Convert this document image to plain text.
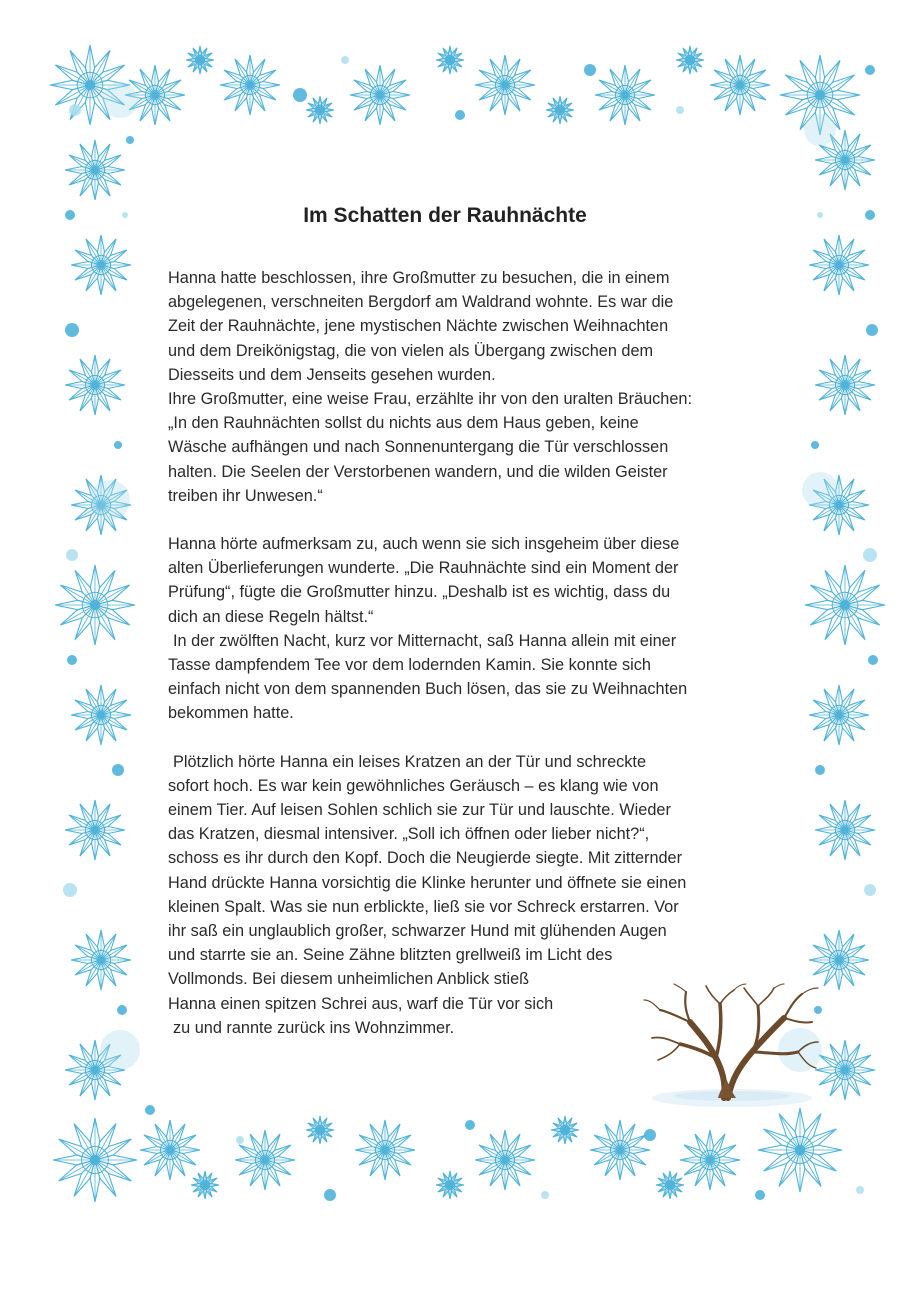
Im Schatten der Rauhnächte

Hanna hatte beschlossen, ihre Großmutter zu besuchen, die in einem

abgelegenen, verschneiten Bergdorf am Waldrand wohnte. Es war die

Zeit der Rauhnächte, jene mystischen Nächte zwischen Weihnachten

und dem Dreikönigstag, die von vielen als Übergang zwischen dem

Diesseits und dem Jenseits gesehen wurden.

Ihre Großmutter, eine weise Frau, erzählte ihr von den uralten Bräuchen:

„In den Rauhnächten sollst du nichts aus dem Haus geben, keine

Wäsche aufhängen und nach Sonnenuntergang die Tür verschlossen

halten. Die Seelen der Verstorbenen wandern, und die wilden Geister

treiben ihr Unwesen.“

Hanna hörte aufmerksam zu, auch wenn sie sich insgeheim über diese

alten Überlieferungen wunderte. „Die Rauhnächte sind ein Moment der

Prüfung“, fügte die Großmutter hinzu. „Deshalb ist es wichtig, dass du

dich an diese Regeln hältst.“

In der zwölften Nacht, kurz vor Mitternacht, saß Hanna allein mit einer

Tasse dampfendem Tee vor dem lodernden Kamin. Sie konnte sich

einfach nicht von dem spannenden Buch lösen, das sie zu Weihnachten

bekommen hatte.

Plötzlich hörte Hanna ein leises Kratzen an der Tür und schreckte

sofort hoch. Es war kein gewöhnliches Geräusch – es klang wie von

einem Tier. Auf leisen Sohlen schlich sie zur Tür und lauschte. Wieder

das Kratzen, diesmal intensiver. „Soll ich öffnen oder lieber nicht?“,

schoss es ihr durch den Kopf. Doch die Neugierde siegte. Mit zitternder

Hand drückte Hanna vorsichtig die Klinke herunter und öffnete sie einen

kleinen Spalt. Was sie nun erblickte, ließ sie vor Schreck erstarren. Vor

ihr saß ein unglaublich großer, schwarzer Hund mit glühenden Augen

und starrte sie an. Seine Zähne blitzten grellweiß im Licht des

Vollmonds. Bei diesem unheimlichen Anblick stieß

Hanna einen spitzen Schrei aus, warf die Tür vor sich

zu und rannte zurück ins Wohnzimmer.
